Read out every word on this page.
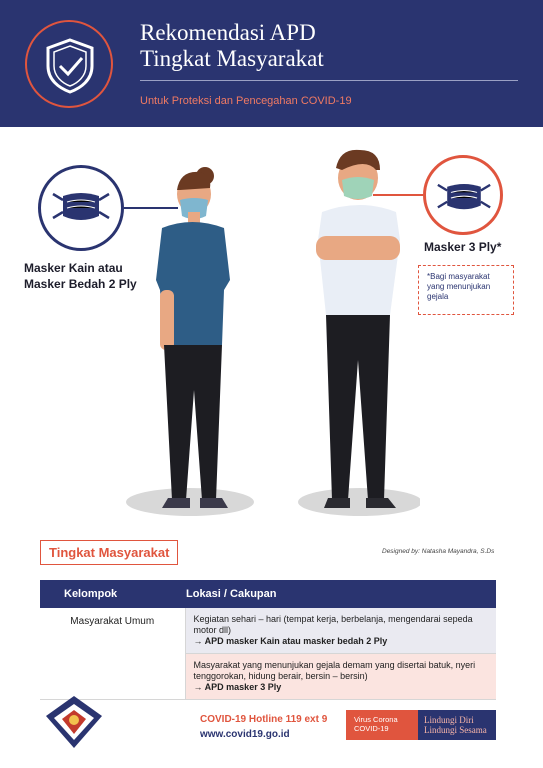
Rekomendasi APD
Tingkat Masyarakat
Untuk Proteksi dan Pencegahan COVID-19
Masker Kain atau
Masker Bedah 2 Ply
Masker 3 Ply*
*Bagi masyarakat
yang menunjukan
gejala
Tingkat Masyarakat	Designed by: Natasha Mayandra, S.Ds
Kelompok	Lokasi / Cakupan
Masyarakat Umum	Kegiatan sehari – hari (tempat kerja, berbelanja, mengendarai sepeda motor dll)
→ APD masker Kain atau masker bedah 2 Ply

	Masyarakat yang menunjukan gejala demam yang disertai batuk, nyeri tenggorokan, hidung berair, bersin – bersin)
→ APD masker 3 Ply
COVID-19 Hotline 119 ext 9
www.covid19.go.id
Virus Corona
COVID-19
Lindungi Diri
Lindungi Sesama
